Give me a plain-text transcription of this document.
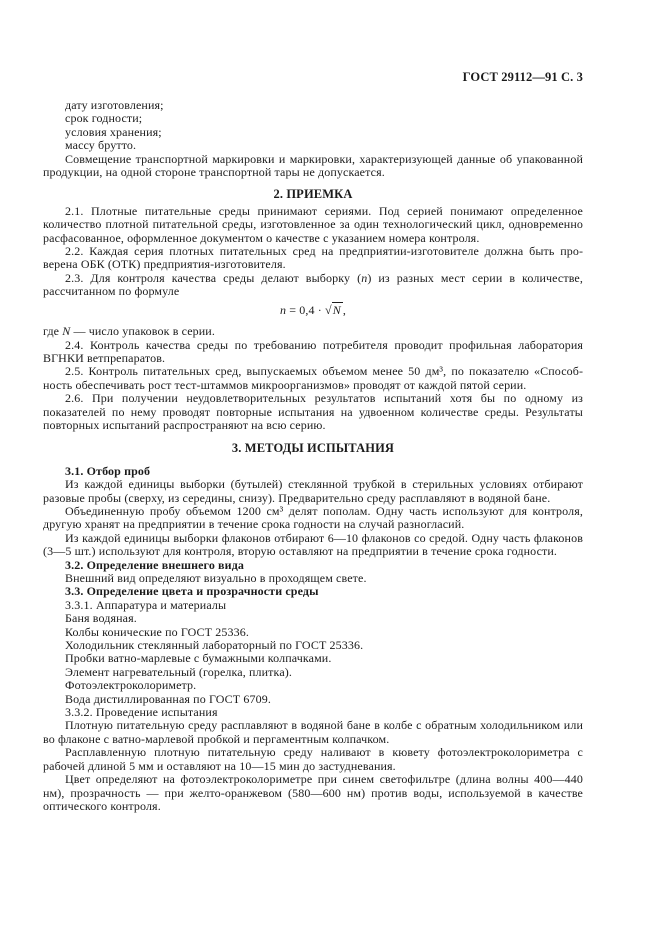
ГОСТ 29112—91 С. 3
дату изготовления;
срок годности;
условия хранения;
массу брутто.
Совмещение транспортной маркировки и маркировки, характеризующей данные об упакованной продукции, на одной стороне транспортной тары не допускается.
2. ПРИЕМКА
2.1. Плотные питательные среды принимают сериями. Под серией понимают определенное количество плотной питательной среды, изготовленное за один технологический цикл, одновременно расфасованное, оформленное документом о качестве с указанием номера контроля.
2.2. Каждая серия плотных питательных сред на предприятии-изготовителе должна быть проверена ОБК (ОТК) предприятия-изготовителя.
2.3. Для контроля качества среды делают выборку (n) из разных мест серии в количестве, рассчитанном по формуле
n = 0,4 · √N ,
где N — число упаковок в серии.
2.4. Контроль качества среды по требованию потребителя проводит профильная лаборатория ВГНКИ ветпрепаратов.
2.5. Контроль питательных сред, выпускаемых объемом менее 50 дм³, по показателю «Способность обеспечивать рост тест-штаммов микроорганизмов» проводят от каждой пятой серии.
2.6. При получении неудовлетворительных результатов испытаний хотя бы по одному из показателей по нему проводят повторные испытания на удвоенном количестве среды. Результаты повторных испытаний распространяют на всю серию.
3. МЕТОДЫ ИСПЫТАНИЯ
3.1. Отбор проб
Из каждой единицы выборки (бутылей) стеклянной трубкой в стерильных условиях отбирают разовые пробы (сверху, из середины, снизу). Предварительно среду расплавляют в водяной бане.
Объединенную пробу объемом 1200 см³ делят пополам. Одну часть используют для контроля, другую хранят на предприятии в течение срока годности на случай разногласий.
Из каждой единицы выборки флаконов отбирают 6—10 флаконов со средой. Одну часть флаконов (3—5 шт.) используют для контроля, вторую оставляют на предприятии в течение срока годности.
3.2. Определение внешнего вида
Внешний вид определяют визуально в проходящем свете.
3.3. Определение цвета и прозрачности среды
3.3.1. Аппаратура и материалы
Баня водяная.
Колбы конические по ГОСТ 25336.
Холодильник стеклянный лабораторный по ГОСТ 25336.
Пробки ватно-марлевые с бумажными колпачками.
Элемент нагревательный (горелка, плитка).
Фотоэлектроколориметр.
Вода дистиллированная по ГОСТ 6709.
3.3.2. Проведение испытания
Плотную питательную среду расплавляют в водяной бане в колбе с обратным холодильником или во флаконе с ватно-марлевой пробкой и пергаментным колпачком.
Расплавленную плотную питательную среду наливают в кювету фотоэлектроколориметра с рабочей длиной 5 мм и оставляют на 10—15 мин до застудневания.
Цвет определяют на фотоэлектроколориметре при синем светофильтре (длина волны 400—440 нм), прозрачность — при желто-оранжевом (580—600 нм) против воды, используемой в качестве оптического контроля.
